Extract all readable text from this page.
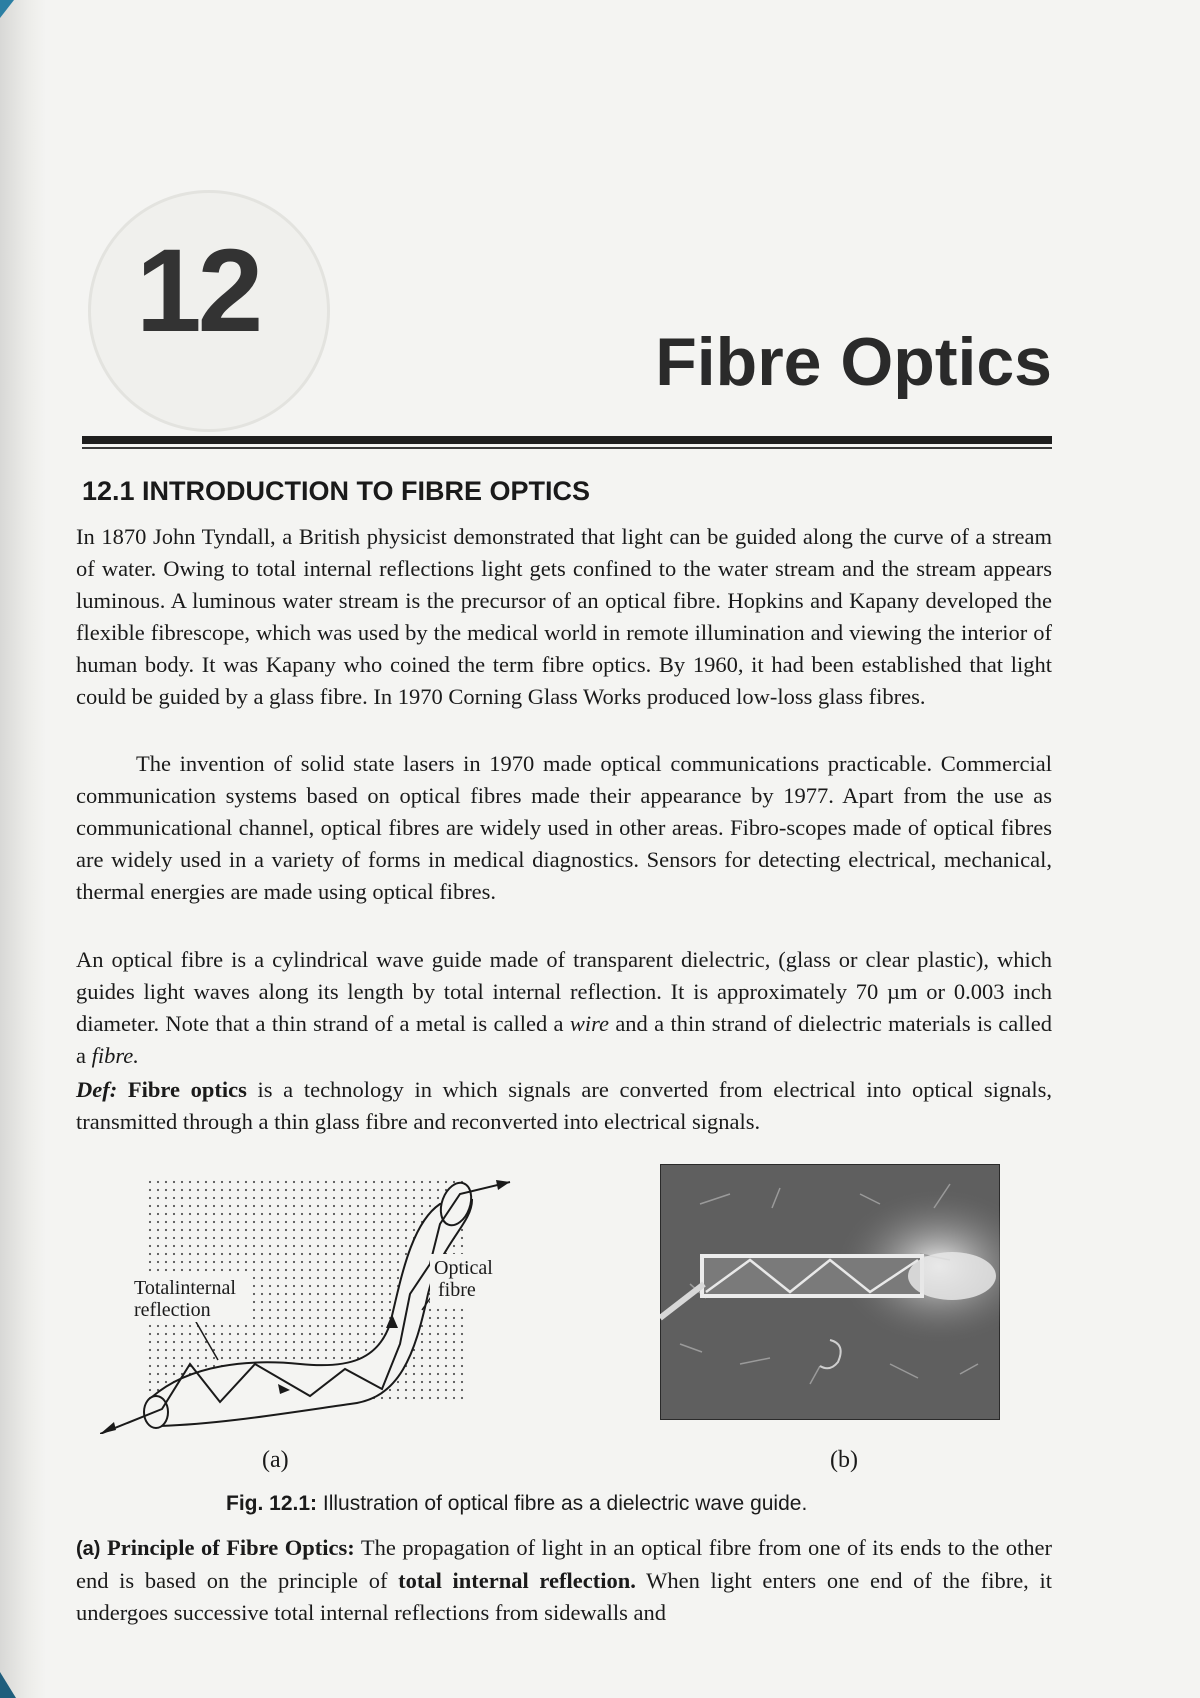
12
Fibre Optics
12.1 INTRODUCTION TO FIBRE OPTICS

In 1870 John Tyndall, a British physicist demonstrated that light can be guided along the curve of a stream of water. Owing to total internal reflections light gets confined to the water stream and the stream appears luminous. A luminous water stream is the precursor of an optical fibre. Hopkins and Kapany developed the flexible fibrescope, which was used by the medical world in remote illumination and viewing the interior of human body. It was Kapany who coined the term fibre optics. By 1960, it had been established that light could be guided by a glass fibre. In 1970 Corning Glass Works produced low-loss glass fibres.

The invention of solid state lasers in 1970 made optical communications practicable. Commercial communication systems based on optical fibres made their appearance by 1977. Apart from the use as communicational channel, optical fibres are widely used in other areas. Fibro-scopes made of optical fibres are widely used in a variety of forms in medical diagnostics. Sensors for detecting electrical, mechanical, thermal energies are made using optical fibres.

An optical fibre is a cylindrical wave guide made of transparent dielectric, (glass or clear plastic), which guides light waves along its length by total internal reflection. It is approximately 70 µm or 0.003 inch diameter. Note that a thin strand of a metal is called a wire and a thin strand of dielectric materials is called a fibre.

Def: Fibre optics is a technology in which signals are converted from electrical into optical signals, transmitted through a thin glass fibre and reconverted into electrical signals.

Totalinternal
reflection
Optical
fibre
(a)	(b)
Fig. 12.1: Illustration of optical fibre as a dielectric wave guide.

(a) Principle of Fibre Optics: The propagation of light in an optical fibre from one of its ends to the other end is based on the principle of total internal reflection. When light enters one end of the fibre, it undergoes successive total internal reflections from sidewalls and
